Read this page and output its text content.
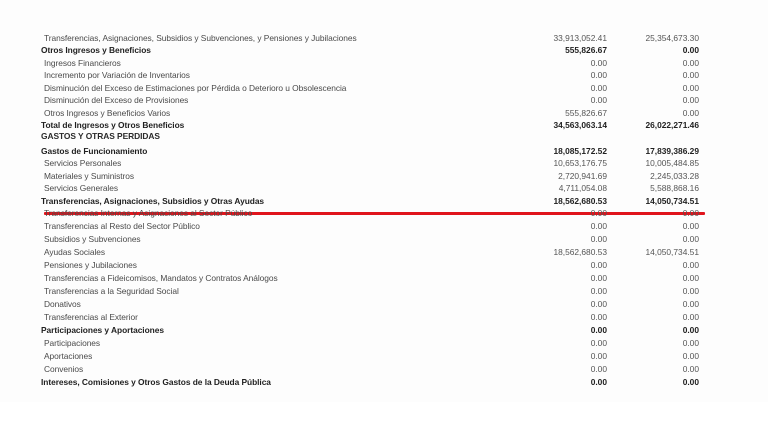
Transferencias, Asignaciones, Subsidios y Subvenciones, y Pensiones y Jubilaciones	33,913,052.41	25,354,673.30
Otros Ingresos y Beneficios	555,826.67	0.00
Ingresos Financieros	0.00	0.00
Incremento por Variación de Inventarios	0.00	0.00
Disminución del Exceso de Estimaciones por Pérdida o Deterioro u Obsolescencia	0.00	0.00
Disminución del Exceso de Provisiones	0.00	0.00
Otros Ingresos y Beneficios Varios	555,826.67	0.00
Total de Ingresos y Otros Beneficios	34,563,063.14	26,022,271.46
GASTOS Y OTRAS PERDIDAS
Gastos de Funcionamiento	18,085,172.52	17,839,386.29
Servicios Personales	10,653,176.75	10,005,484.85
Materiales y Suministros	2,720,941.69	2,245,033.28
Servicios Generales	4,711,054.08	5,588,868.16
Transferencias, Asignaciones, Subsidios y Otras Ayudas	18,562,680.53	14,050,734.51
Transferencias Internas y Asignaciones al Sector Público	0.00	0.00
Transferencias al Resto del Sector Público	0.00	0.00
Subsidios y Subvenciones	0.00	0.00
Ayudas Sociales	18,562,680.53	14,050,734.51
Pensiones y Jubilaciones	0.00	0.00
Transferencias a Fideicomisos, Mandatos y Contratos Análogos	0.00	0.00
Transferencias a la Seguridad Social	0.00	0.00
Donativos	0.00	0.00
Transferencias al Exterior	0.00	0.00
Participaciones y Aportaciones	0.00	0.00
Participaciones	0.00	0.00
Aportaciones	0.00	0.00
Convenios	0.00	0.00
Intereses, Comisiones y Otros Gastos de la Deuda Pública	0.00	0.00
